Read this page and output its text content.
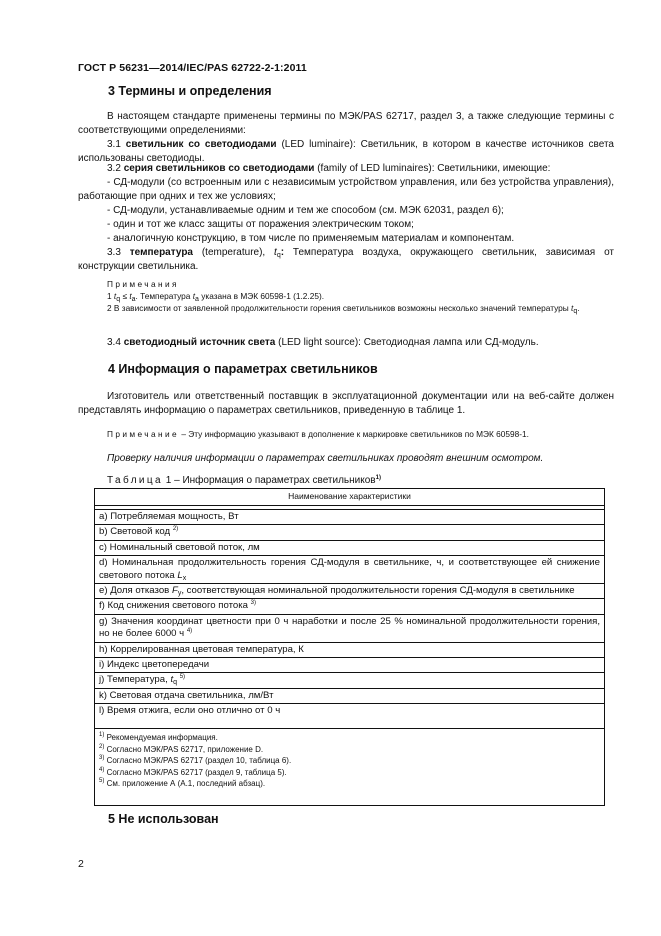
ГОСТ Р 56231—2014/IEC/PAS 62722-2-1:2011
3 Термины и определения
В настоящем стандарте применены термины по МЭК/PAS 62717, раздел 3, а также следующие термины с соответствующими определениями:
3.1 светильник со светодиодами (LED luminaire): Светильник, в котором в качестве источников света использованы светодиоды.
3.2 серия светильников со светодиодами (family of LED luminaires): Светильники, имеющие:
- СД-модули (со встроенным или с независимым устройством управления, или без устройства управления), работающие при одних и тех же условиях;
- СД-модули, устанавливаемые одним и тем же способом (см. МЭК 62031, раздел 6);
- один и тот же класс защиты от поражения электрическим током;
- аналогичную конструкцию, в том числе по применяемым материалам и компонентам.
3.3 температура (temperature), $t_q$: Температура воздуха, окружающего светильник, зависимая от конструкции светильника.
Примечания
1 $t_q \le t_a$. Температура $t_a$ указана в МЭК 60598-1 (1.2.25).
2 В зависимости от заявленной продолжительности горения светильников возможны несколько значений температуры $t_q$.
3.4 светодиодный источник света (LED light source): Светодиодная лампа или СД-модуль.
4 Информация о параметрах светильников
Изготовитель или ответственный поставщик в эксплуатационной документации или на веб-сайте должен представлять информацию о параметрах светильников, приведенную в таблице 1.
Примечание – Эту информацию указывают в дополнение к маркировке светильников по МЭК 60598-1.
Проверку наличия информации о параметрах светильниках проводят внешним осмотром.
Таблица 1 – Информация о параметрах светильников$^{1)}$
Наименование характеристики

a) Потребляемая мощность, Вт
b) Световой код $^{2)}$
c) Номинальный световой поток, лм
d) Номинальная продолжительность горения СД-модуля в светильнике, ч, и соответствующее ей снижение светового потока $L_x$
e) Доля отказов $F_y$, соответствующая номинальной продолжительности горения СД-модуля в светильнике
f) Код снижения светового потока $^{3)}$
g) Значения координат цветности при 0 ч наработки и после 25 % номинальной продолжительности горения, но не более 6000 ч $^{4)}$
h) Коррелированная цветовая температура, К
i) Индекс цветопередачи
j) Температура, $t_q$ $^{5)}$
k) Световая отдача светильника, лм/Вт
l) Время отжига, если оно отлично от 0 ч

$^{1)}$ Рекомендуемая информация.
$^{2)}$ Согласно МЭК/PAS 62717, приложение D.
$^{3)}$ Согласно МЭК/PAS 62717 (раздел 10, таблица 6).
$^{4)}$ Согласно МЭК/PAS 62717 (раздел 9, таблица 5).
$^{5)}$ См. приложение А (А.1, последний абзац).
5 Не использован
2
